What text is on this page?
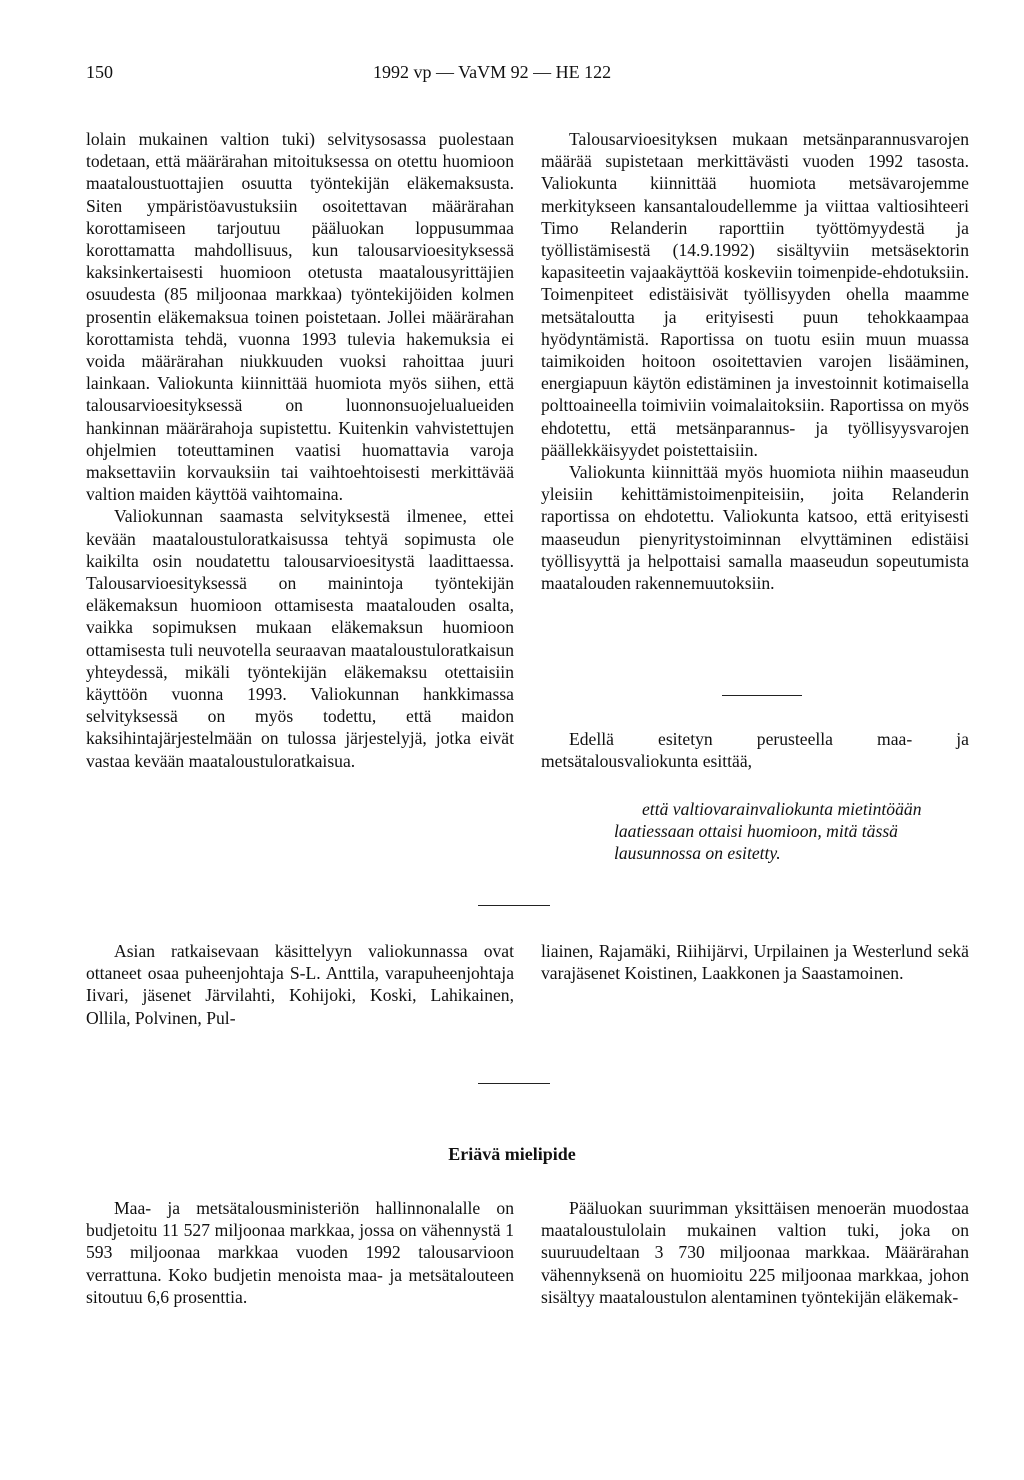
150	1992 vp — VaVM 92 — HE 122

lolain mukainen valtion tuki) selvitysosassa puolestaan todetaan, että määrärahan mitoituksessa on otettu huomioon maataloustuottajien osuutta työntekijän eläkemaksusta. Siten ympäristöavustuksiin osoitettavan määrärahan korottamiseen tarjoutuu pääluokan loppusummaa korottamatta mahdollisuus, kun talousarvioesityksessä kaksinkertaisesti huomioon otetusta maatalousyrittäjien osuudesta (85 miljoonaa markkaa) työntekijöiden kolmen prosentin eläkemaksua toinen poistetaan. Jollei määrärahan korottamista tehdä, vuonna 1993 tulevia hakemuksia ei voida määrärahan niukkuuden vuoksi rahoittaa juuri lainkaan. Valiokunta kiinnittää huomiota myös siihen, että talousarvioesityksessä on luonnonsuojelualueiden hankinnan määrärahoja supistettu. Kuitenkin vahvistettujen ohjelmien toteuttaminen vaatisi huomattavia varoja maksettaviin korvauksiin tai vaihtoehtoisesti merkittävää valtion maiden käyttöä vaihtomaina.

Valiokunnan saamasta selvityksestä ilmenee, ettei kevään maataloustuloratkaisussa tehtyä sopimusta ole kaikilta osin noudatettu talousarvioesitystä laadittaessa. Talousarvioesityksessä on mainintoja työntekijän eläkemaksun huomioon ottamisesta maatalouden osalta, vaikka sopimuksen mukaan eläkemaksun huomioon ottamisesta tuli neuvotella seuraavan maataloustuloratkaisun yhteydessä, mikäli työntekijän eläkemaksu otettaisiin käyttöön vuonna 1993. Valiokunnan hankkimassa selvityksessä on myös todettu, että maidon kaksihintajärjestelmään on tulossa järjestelyjä, jotka eivät vastaa kevään maataloustuloratkaisua.

Talousarvioesityksen mukaan metsänparannusvarojen määrää supistetaan merkittävästi vuoden 1992 tasosta. Valiokunta kiinnittää huomiota metsävarojemme merkitykseen kansantaloudellemme ja viittaa valtiosihteeri Timo Relanderin raporttiin työttömyydestä ja työllistämisestä (14.9.1992) sisältyviin metsäsektorin kapasiteetin vajaakäyttöä koskeviin toimenpide-ehdotuksiin. Toimenpiteet edistäisivät työllisyyden ohella maamme metsätaloutta ja erityisesti puun tehokkaampaa hyödyntämistä. Raportissa on tuotu esiin muun muassa taimikoiden hoitoon osoitettavien varojen lisääminen, energiapuun käytön edistäminen ja investoinnit kotimaisella polttoaineella toimiviin voimalaitoksiin. Raportissa on myös ehdotettu, että metsänparannus- ja työllisyysvarojen päällekkäisyydet poistettaisiin.

Valiokunta kiinnittää myös huomiota niihin maaseudun yleisiin kehittämistoimenpiteisiin, joita Relanderin raportissa on ehdotettu. Valiokunta katsoo, että erityisesti maaseudun pienyritystoiminnan elvyttäminen edistäisi työllisyyttä ja helpottaisi samalla maaseudun sopeutumista maatalouden rakennemuutoksiin.

Edellä esitetyn perusteella maa- ja metsätalousvaliokunta esittää,

että valtiovarainvaliokunta mietintöään laatiessaan ottaisi huomioon, mitä tässä lausunnossa on esitetty.

Asian ratkaisevaan käsittelyyn valiokunnassa ovat ottaneet osaa puheenjohtaja S-L. Anttila, varapuheenjohtaja Iivari, jäsenet Järvilahti, Kohijoki, Koski, Lahikainen, Ollila, Polvinen, Pul-

liainen, Rajamäki, Riihijärvi, Urpilainen ja Westerlund sekä varajäsenet Koistinen, Laakkonen ja Saastamoinen.

Eriävä mielipide

Maa- ja metsätalousministeriön hallinnonalalle on budjetoitu 11 527 miljoonaa markkaa, jossa on vähennystä 1 593 miljoonaa markkaa vuoden 1992 talousarvioon verrattuna. Koko budjetin menoista maa- ja metsätalouteen sitoutuu 6,6 prosenttia.

Pääluokan suurimman yksittäisen menoerän muodostaa maataloustulolain mukainen valtion tuki, joka on suuruudeltaan 3 730 miljoonaa markkaa. Määrärahan vähennyksenä on huomioitu 225 miljoonaa markkaa, johon sisältyy maataloustulon alentaminen työntekijän eläkemak-
